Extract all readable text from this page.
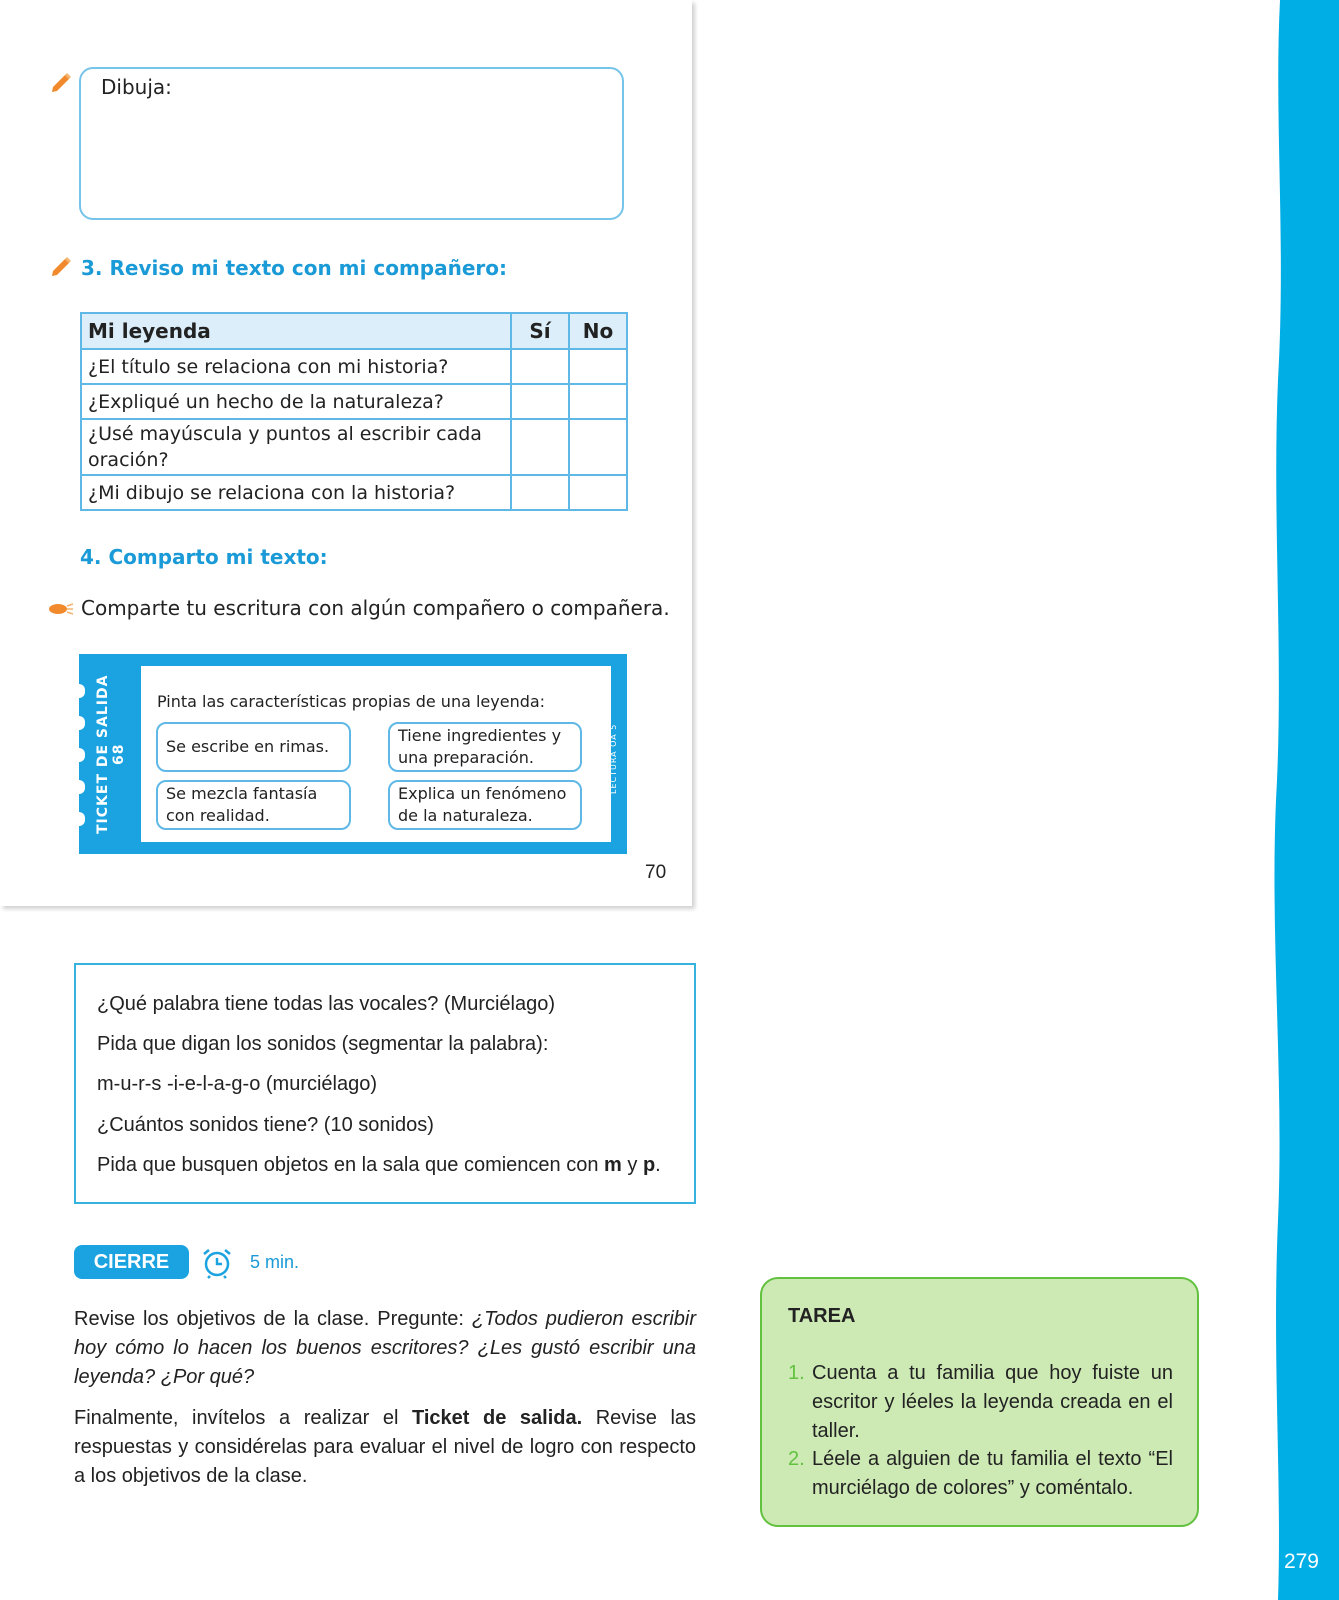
279
Dibuja:
3. Reviso mi texto con mi compañero:
Mi leyenda	Sí	No
¿El título se relaciona con mi historia?		
¿Expliqué un hecho de la naturaleza?		
¿Usé mayúscula y puntos al escribir cada oración?		
¿Mi dibujo se relaciona con la historia?		
4. Comparto mi texto:
Comparte tu escritura con algún compañero o compañera.
TICKET DE SALIDA 68
Pinta las características propias de una leyenda:
Se escribe en rimas.
Tiene ingredientes y una preparación.
Se mezcla fantasía con realidad.
Explica un fenómeno de la naturaleza.
LECTURA OA 5
70

¿Qué palabra tiene todas las vocales? (Murciélago)

Pida que digan los sonidos (segmentar la palabra):

m-u-r-s -i-e-l-a-g-o (murciélago)

¿Cuántos sonidos tiene? (10 sonidos)

Pida que busquen objetos en la sala que comiencen con m y p.

CIERRE	5 min.

Revise los objetivos de la clase. Pregunte: ¿Todos pudieron escribir hoy cómo lo hacen los buenos escritores? ¿Les gustó escribir una leyenda? ¿Por qué?

Finalmente, invítelos a realizar el Ticket de salida. Revise las respuestas y considérelas para evaluar el nivel de logro con respecto a los objetivos de la clase.

TAREA
1. Cuenta a tu familia que hoy fuiste un escritor y léeles la leyenda creada en el taller.
2. Léele a alguien de tu familia el texto “El murciélago de colores” y coméntalo.
